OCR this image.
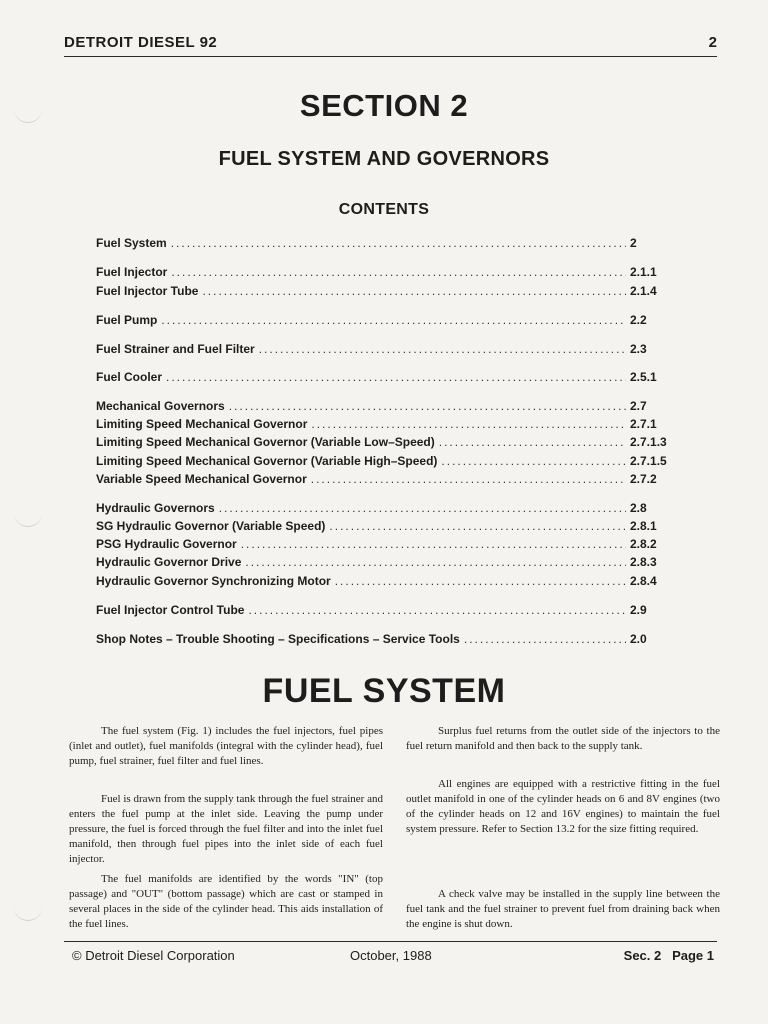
DETROIT DIESEL 92	2
SECTION 2
FUEL SYSTEM AND GOVERNORS
CONTENTS
Fuel System .....	2
Fuel Injector .....	2.1.1
Fuel Injector Tube .....	2.1.4
Fuel Pump .....	2.2
Fuel Strainer and Fuel Filter .....	2.3
Fuel Cooler .....	2.5.1
Mechanical Governors .....	2.7
Limiting Speed Mechanical Governor .....	2.7.1
Limiting Speed Mechanical Governor (Variable Low–Speed) .....	2.7.1.3
Limiting Speed Mechanical Governor (Variable High–Speed) .....	2.7.1.5
Variable Speed Mechanical Governor .....	2.7.2
Hydraulic Governors .....	2.8
SG Hydraulic Governor (Variable Speed) .....	2.8.1
PSG Hydraulic Governor .....	2.8.2
Hydraulic Governor Drive .....	2.8.3
Hydraulic Governor Synchronizing Motor .....	2.8.4
Fuel Injector Control Tube .....	2.9
Shop Notes – Trouble Shooting – Specifications – Service Tools .....	2.0
FUEL SYSTEM

The fuel system (Fig. 1) includes the fuel injectors, fuel pipes (inlet and outlet), fuel manifolds (integral with the cylinder head), fuel pump, fuel strainer, fuel filter and fuel lines.

Fuel is drawn from the supply tank through the fuel strainer and enters the fuel pump at the inlet side. Leaving the pump under pressure, the fuel is forced through the fuel filter and into the inlet fuel manifold, then through fuel pipes into the inlet side of each fuel injector.

The fuel manifolds are identified by the words "IN" (top passage) and "OUT" (bottom passage) which are cast or stamped in several places in the side of the cylinder head. This aids installation of the fuel lines.

Surplus fuel returns from the outlet side of the injectors to the fuel return manifold and then back to the supply tank.

All engines are equipped with a restrictive fitting in the fuel outlet manifold in one of the cylinder heads on 6 and 8V engines (two of the cylinder heads on 12 and 16V engines) to maintain the fuel system pressure. Refer to Section 13.2 for the size fitting required.

A check valve may be installed in the supply line between the fuel tank and the fuel strainer to prevent fuel from draining back when the engine is shut down.

© Detroit Diesel Corporation	October, 1988	Sec. 2   Page 1
